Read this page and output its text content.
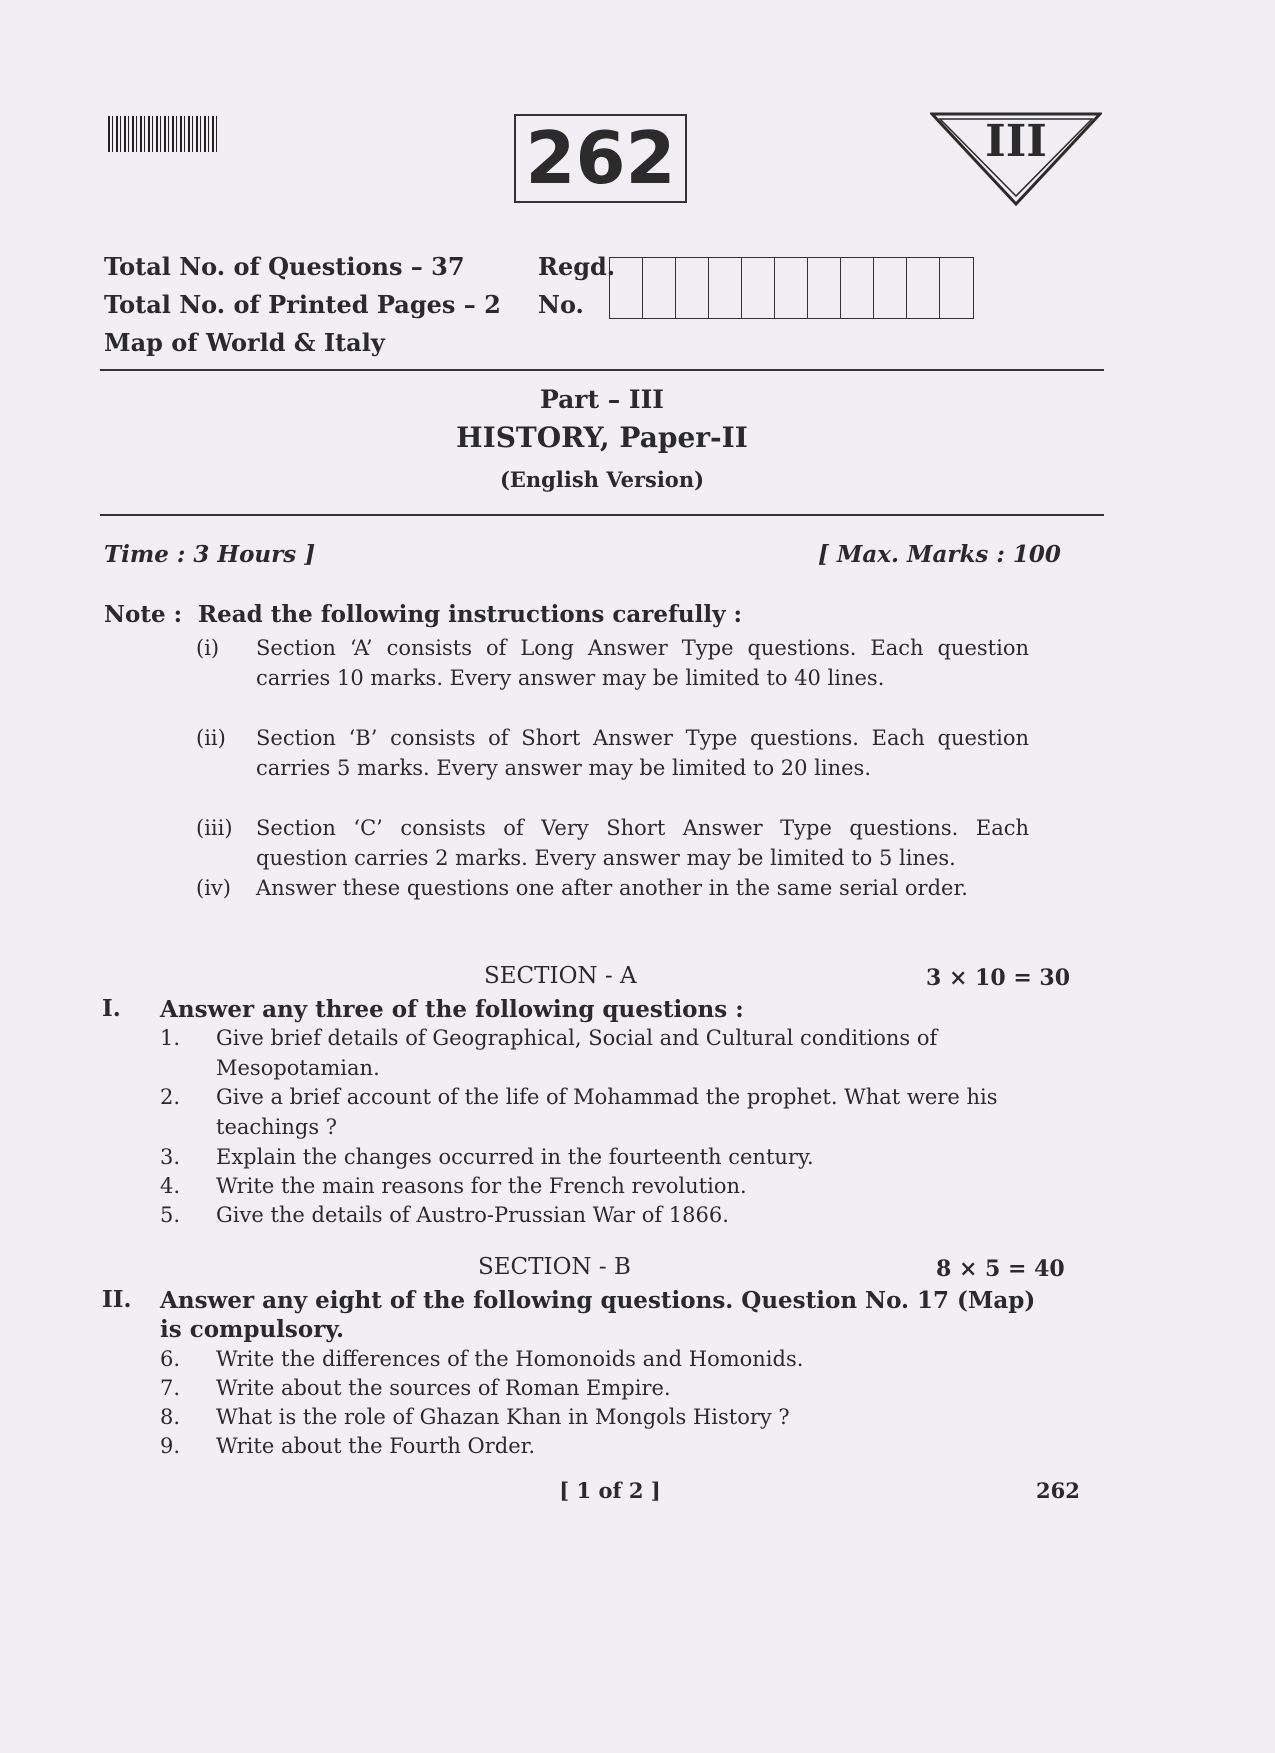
262	III
Total No. of Questions – 37
Total No. of Printed Pages – 2
Map of World & Italy
Regd.
No.
Part – III
HISTORY, Paper-II
(English Version)
Time : 3 Hours ]	[ Max. Marks : 100
Note : Read the following instructions carefully :
(i)	Section ‘A’ consists of Long Answer Type questions. Each question carries 10 marks. Every answer may be limited to 40 lines.
(ii)	Section ‘B’ consists of Short Answer Type questions. Each question carries 5 marks. Every answer may be limited to 20 lines.
(iii)	Section ‘C’ consists of Very Short Answer Type questions. Each question carries 2 marks. Every answer may be limited to 5 lines.
(iv)	Answer these questions one after another in the same serial order.
SECTION - A	3 × 10 = 30
I. Answer any three of the following questions :
1. Give brief details of Geographical, Social and Cultural conditions of Mesopotamian.
2. Give a brief account of the life of Mohammad the prophet. What were his teachings ?
3. Explain the changes occurred in the fourteenth century.
4. Write the main reasons for the French revolution.
5. Give the details of Austro-Prussian War of 1866.
SECTION - B	8 × 5 = 40
II. Answer any eight of the following questions. Question No. 17 (Map) is compulsory.
6. Write the differences of the Homonoids and Homonids.
7. Write about the sources of Roman Empire.
8. What is the role of Ghazan Khan in Mongols History ?
9. Write about the Fourth Order.
[ 1 of 2 ]	262
